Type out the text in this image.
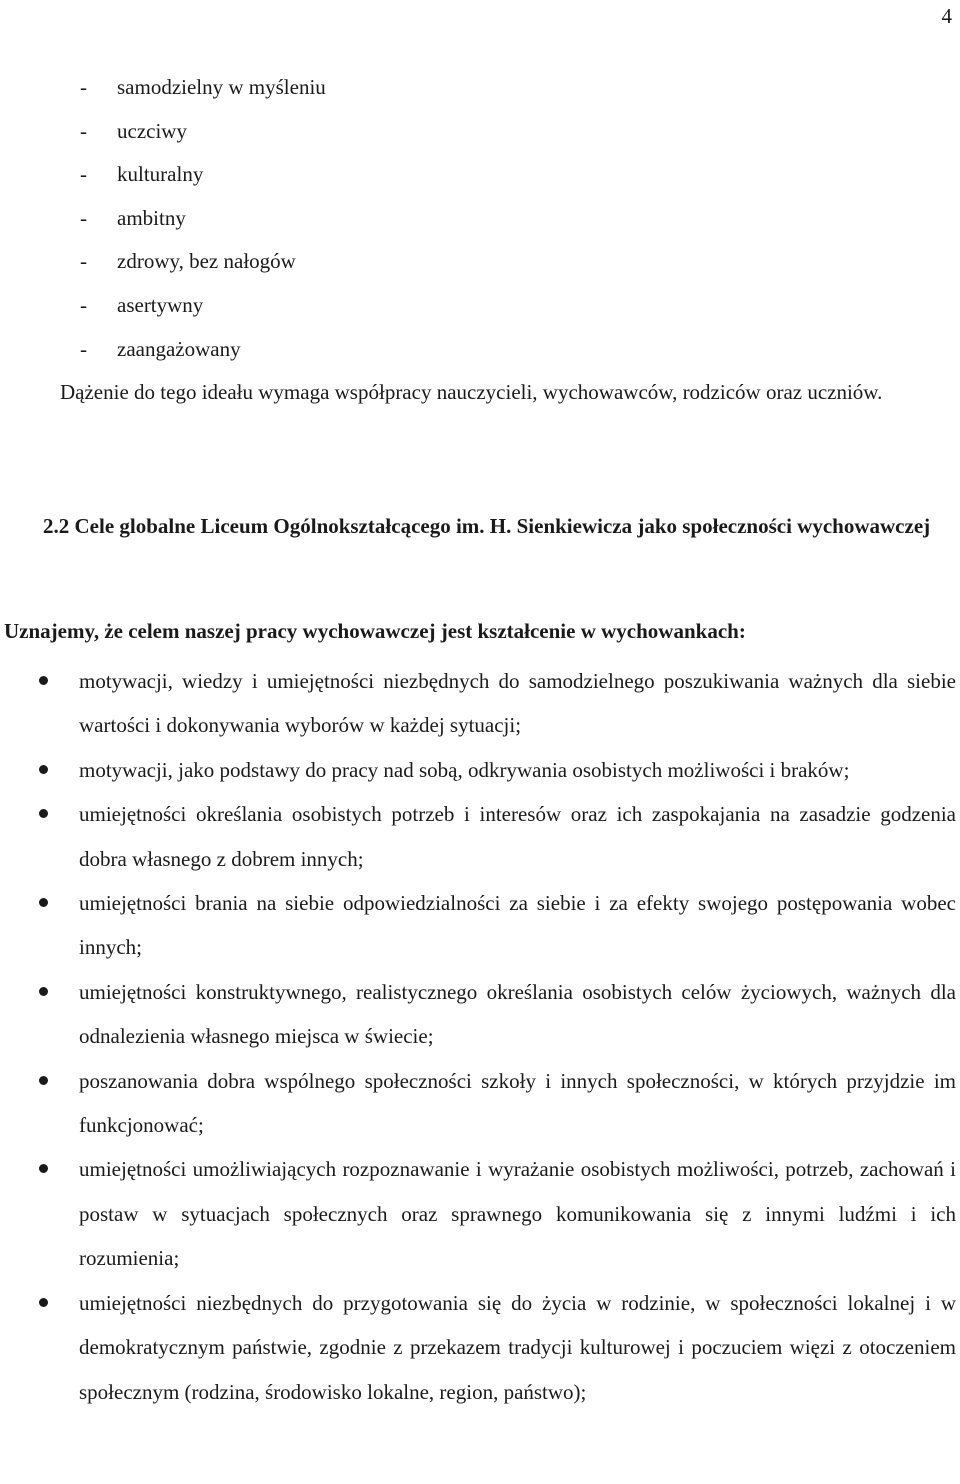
4
- samodzielny w myśleniu
- uczciwy
- kulturalny
- ambitny
- zdrowy, bez nałogów
- asertywny
- zaangażowany

Dążenie do tego ideału wymaga współpracy nauczycieli, wychowawców, rodziców oraz uczniów.

2.2 Cele globalne Liceum Ogólnokształcącego im. H. Sienkiewicza jako społeczności wychowawczej

Uznajemy, że celem naszej pracy wychowawczej jest kształcenie w wychowankach:

motywacji, wiedzy i umiejętności niezbędnych do samodzielnego poszukiwania ważnych dla siebie wartości i dokonywania wyborów w każdej sytuacji;
motywacji, jako podstawy do pracy nad sobą, odkrywania osobistych możliwości i braków;
umiejętności określania osobistych potrzeb i interesów oraz ich zaspokajania na zasadzie godzenia dobra własnego z dobrem innych;
umiejętności brania na siebie odpowiedzialności za siebie i za efekty swojego postępowania wobec innych;
umiejętności konstruktywnego, realistycznego określania osobistych celów życiowych, ważnych dla odnalezienia własnego miejsca w świecie;
poszanowania dobra wspólnego społeczności szkoły i innych społeczności, w których przyjdzie im funkcjonować;
umiejętności umożliwiających rozpoznawanie i wyrażanie osobistych możliwości, potrzeb, zachowań i postaw w sytuacjach społecznych oraz sprawnego komunikowania się z innymi ludźmi i ich rozumienia;
umiejętności niezbędnych do przygotowania się do życia w rodzinie, w społeczności lokalnej i w demokratycznym państwie, zgodnie z przekazem tradycji kulturowej i poczuciem więzi z otoczeniem społecznym (rodzina, środowisko lokalne, region, państwo);
